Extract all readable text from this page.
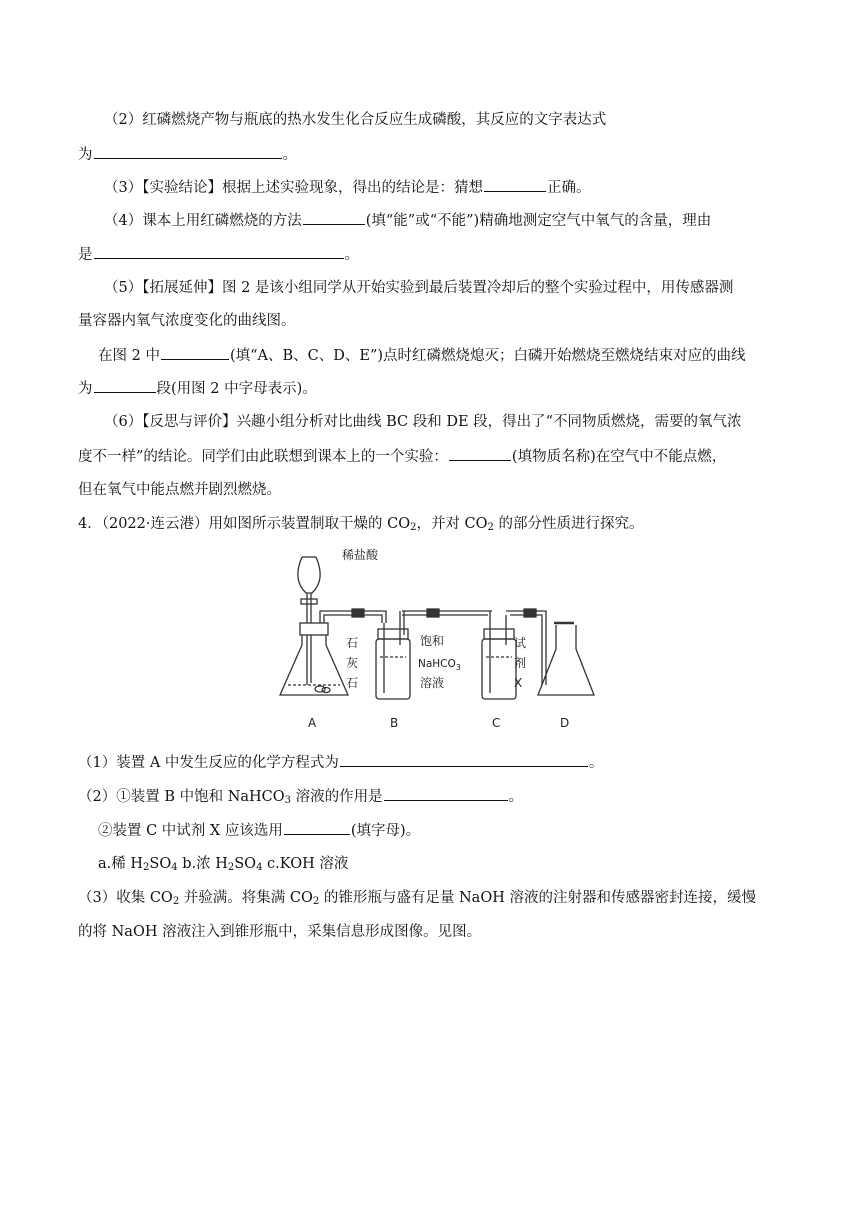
（2）红磷燃烧产物与瓶底的热水发生化合反应生成磷酸，其反应的文字表达式
为	。
（3）【实验结论】根据上述实验现象，得出的结论是：猜想	正确。
（4）课本上用红磷燃烧的方法	(填“能”或“不能”)精确地测定空气中氧气的含量，理由
是	。
（5）【拓展延伸】图 2 是该小组同学从开始实验到最后装置冷却后的整个实验过程中，用传感器测
量容器内氧气浓度变化的曲线图。
在图 2 中	(填“A、B、C、D、E”)点时红磷燃烧熄灭；白磷开始燃烧至燃烧结束对应的曲线
为	段(用图 2 中字母表示)。
（6）【反思与评价】兴趣小组分析对比曲线 BC 段和 DE 段，得出了“不同物质燃烧，需要的氧气浓
度不一样”的结论。同学们由此联想到课本上的一个实验：	(填物质名称)在空气中不能点燃，
但在氧气中能点燃并剧烈燃烧。
4．（2022·连云港）用如图所示装置制取干燥的 $CO_2$，并对 $CO_2$ 的部分性质进行探究。
稀盐酸
石
灰
石
饱和
NaHCO$_3$
溶液
试
剂
X
A	B	C	D
（1）装置 A 中发生反应的化学方程式为	。
（2）①装置 B 中饱和 NaHCO$_3$ 溶液的作用是	。
②装置 C 中试剂 X 应该选用	(填字母)。
a.稀 $H_2SO_4$ b.浓 $H_2SO_4$ c.KOH 溶液
（3）收集 $CO_2$ 并验满。将集满 $CO_2$ 的锥形瓶与盛有足量 NaOH 溶液的注射器和传感器密封连接，缓慢
的将 NaOH 溶液注入到锥形瓶中，采集信息形成图像。见图。
